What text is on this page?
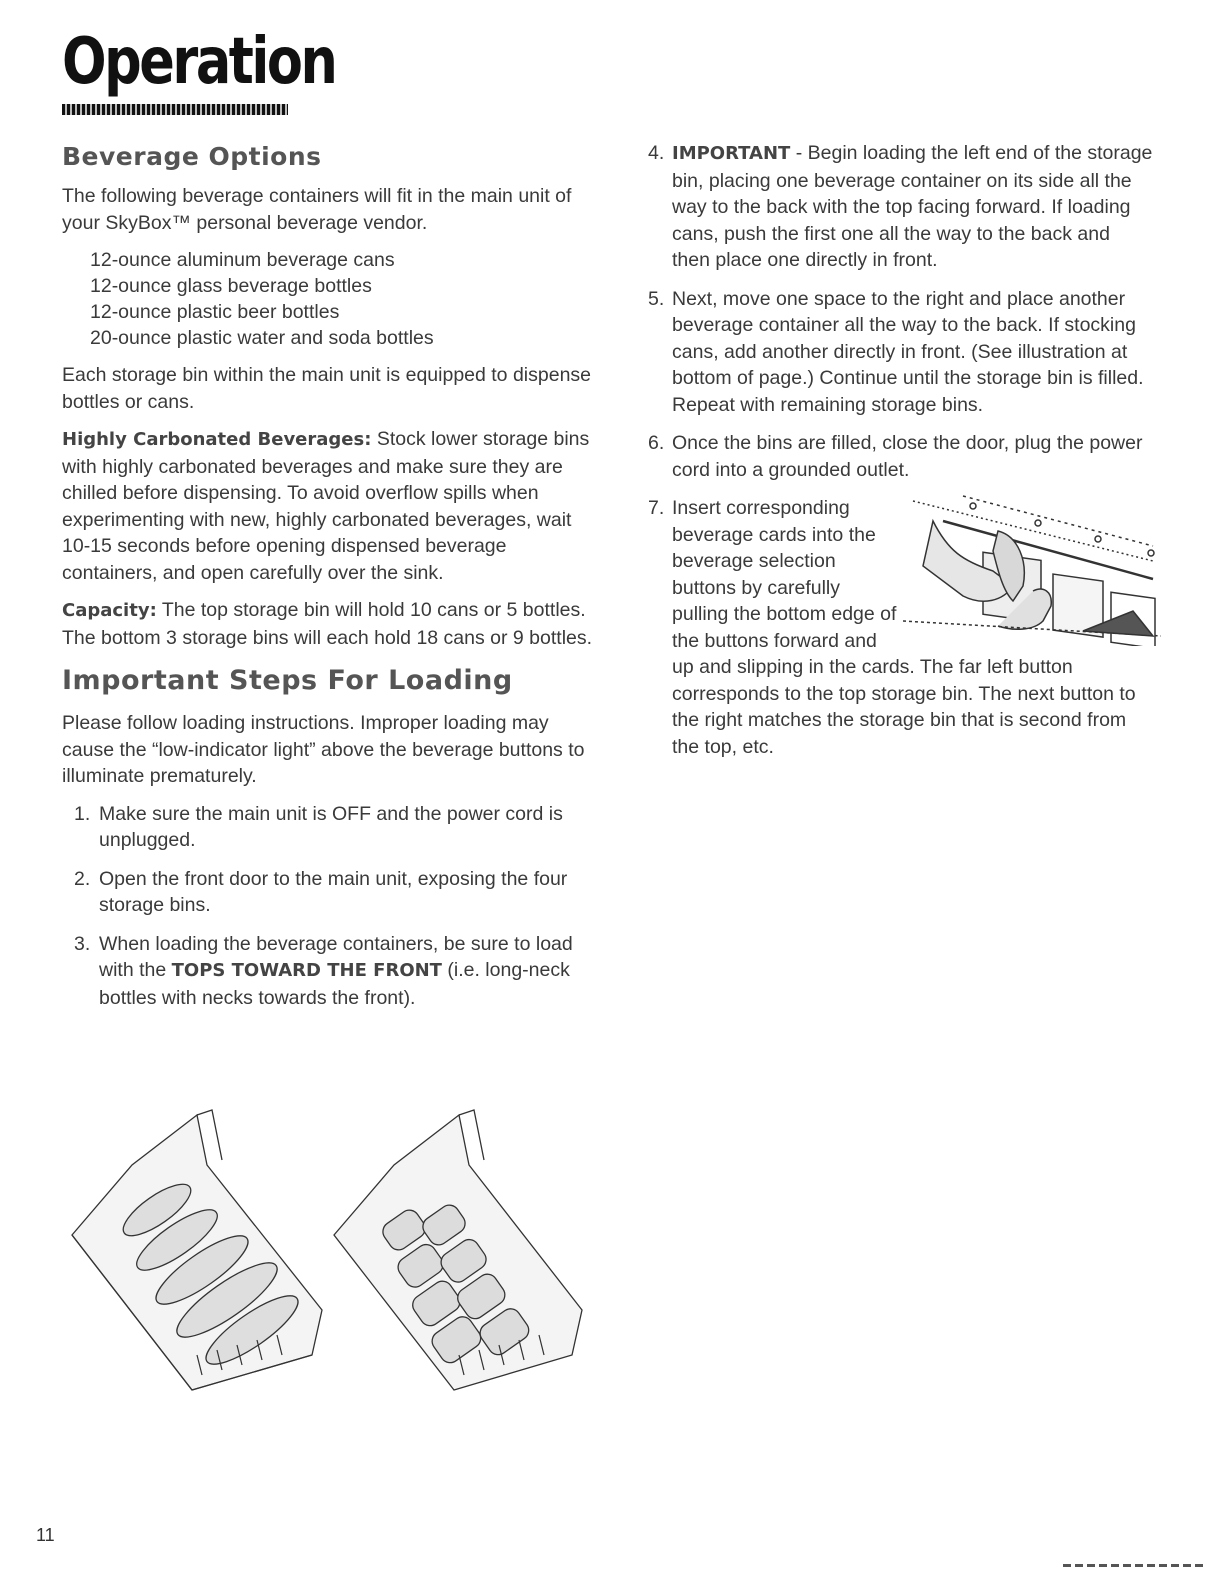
Operation
Beverage Options

The following beverage containers will fit in the main unit of your SkyBox™ personal beverage vendor.

12-ounce aluminum beverage cans
12-ounce glass beverage bottles
12-ounce plastic beer bottles
20-ounce plastic water and soda bottles

Each storage bin within the main unit is equipped to dispense bottles or cans.

Highly Carbonated Beverages: Stock lower storage bins with highly carbonated beverages and make sure they are chilled before dispensing. To avoid overflow spills when experimenting with new, highly carbonated beverages, wait 10-15 seconds before opening dispensed beverage containers, and open carefully over the sink.

Capacity: The top storage bin will hold 10 cans or 5 bottles. The bottom 3 storage bins will each hold 18 cans or 9 bottles.

Important Steps For Loading

Please follow loading instructions. Improper loading may cause the “low-indicator light” above the beverage buttons to illuminate prematurely.

1. Make sure the main unit is OFF and the power cord is unplugged.
2. Open the front door to the main unit, exposing the four storage bins.
3. When loading the beverage containers, be sure to load with the TOPS TOWARD THE FRONT (i.e. long-neck bottles with necks towards the front).
4. IMPORTANT - Begin loading the left end of the storage bin, placing one beverage container on its side all the way to the back with the top facing forward. If loading cans, push the first one all the way to the back and then place one directly in front.
5. Next, move one space to the right and place another beverage container all the way to the back. If stocking cans, add another directly in front. (See illustration at bottom of page.) Continue until the storage bin is filled. Repeat with remaining storage bins.
6. Once the bins are filled, close the door, plug the power cord into a grounded outlet.
7. Insert corresponding beverage cards into the beverage selection buttons by carefully pulling the bottom edge of the buttons forward and up and slipping in the cards. The far left button corresponds to the top storage bin. The next button to the right matches the storage bin that is second from the top, etc.
11
